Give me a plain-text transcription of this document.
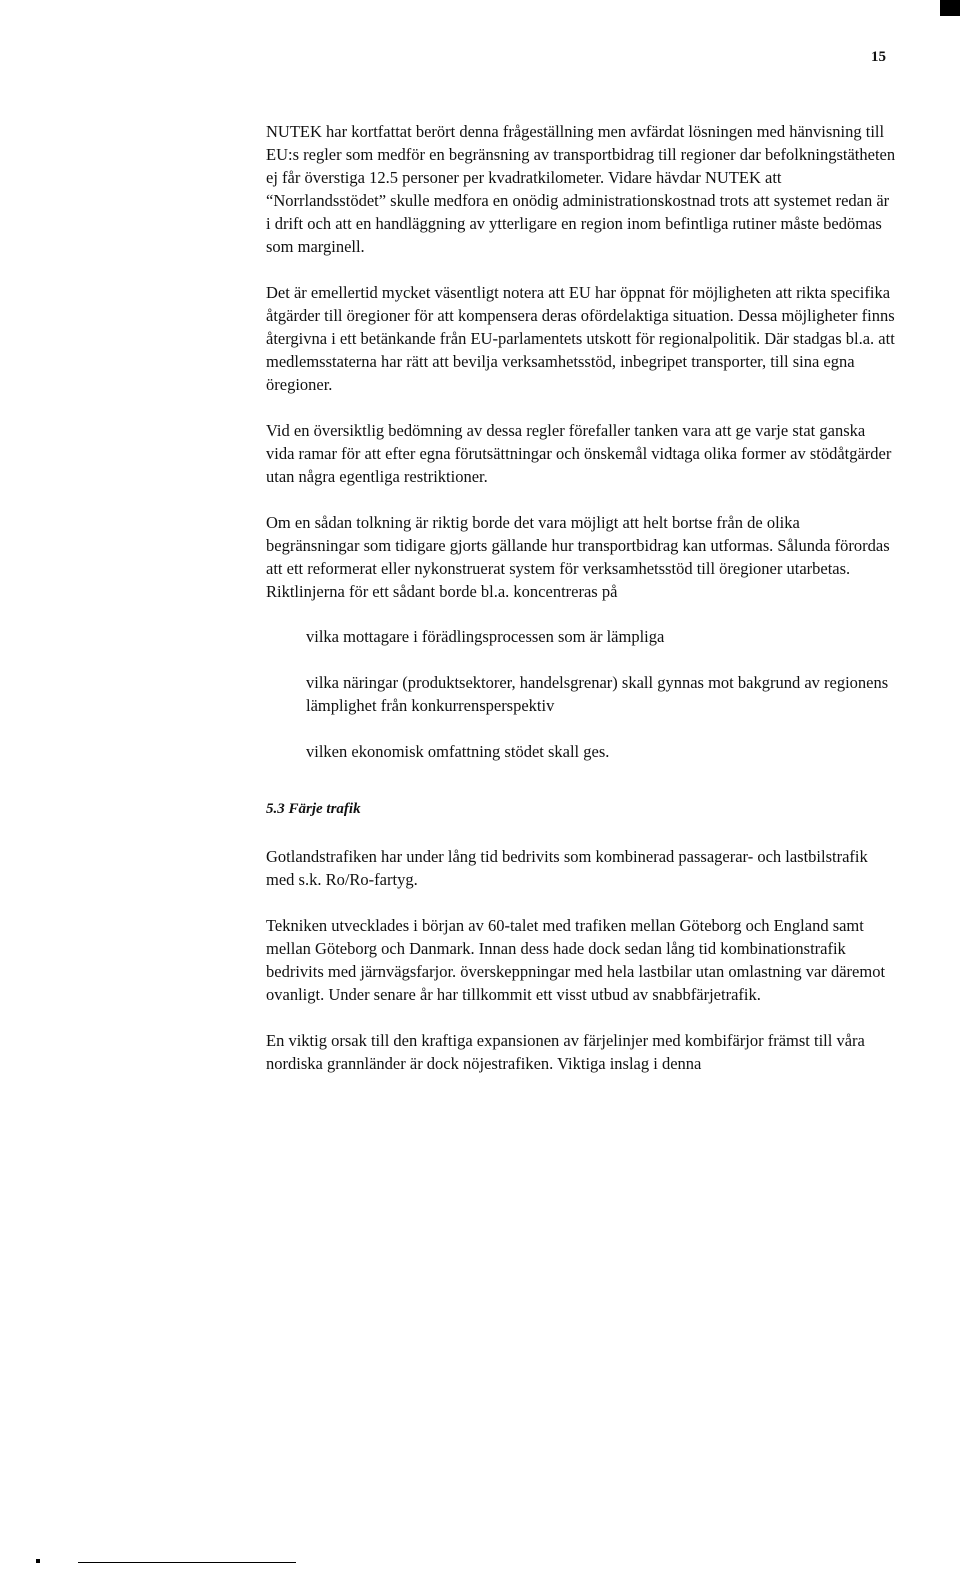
15

NUTEK har kortfattat berört denna frågeställning men avfärdat lösningen med hänvisning till EU:s regler som medför en begränsning av transportbidrag till regioner dar befolkningstätheten ej får överstiga 12.5 personer per kvadratkilometer. Vidare hävdar NUTEK att “Norrlandsstödet” skulle medfora en onödig administrationskostnad trots att systemet redan är i drift och att en handläggning av ytterligare en region inom befintliga rutiner måste bedömas som marginell.

Det är emellertid mycket väsentligt notera att EU har öppnat för möjligheten att rikta specifika åtgärder till öregioner för att kompensera deras ofördelaktiga situation. Dessa möjligheter finns återgivna i ett betänkande från EU-parlamentets utskott för regionalpolitik. Där stadgas bl.a. att medlemsstaterna har rätt att bevilja verksamhetsstöd, inbegripet transporter, till sina egna öregioner.

Vid en översiktlig bedömning av dessa regler förefaller tanken vara att ge varje stat ganska vida ramar för att efter egna förutsättningar och önskemål vidtaga olika former av stödåtgärder utan några egentliga restriktioner.

Om en sådan tolkning är riktig borde det vara möjligt att helt bortse från de olika begränsningar som tidigare gjorts gällande hur transportbidrag kan utformas. Sålunda förordas att ett reformerat eller nykonstruerat system för verksamhetsstöd till öregioner utarbetas. Riktlinjerna för ett sådant borde bl.a. koncentreras på

vilka mottagare i förädlingsprocessen som är lämpliga
vilka näringar (produktsektorer, handelsgrenar) skall gynnas mot bakgrund av regionens lämplighet från konkurrensperspektiv
vilken ekonomisk omfattning stödet skall ges.

5.3 Färje trafik

Gotlandstrafiken har under lång tid bedrivits som kombinerad passagerar- och lastbilstrafik med s.k. Ro/Ro-fartyg.

Tekniken utvecklades i början av 60-talet med trafiken mellan Göteborg och England samt mellan Göteborg och Danmark. Innan dess hade dock sedan lång tid kombinationstrafik bedrivits med järnvägsfarjor. överskeppningar med hela lastbilar utan omlastning var däremot ovanligt. Under senare år har tillkommit ett visst utbud av snabbfärjetrafik.

En viktig orsak till den kraftiga expansionen av färjelinjer med kombifärjor främst till våra nordiska grannländer är dock nöjestrafiken. Viktiga inslag i denna
